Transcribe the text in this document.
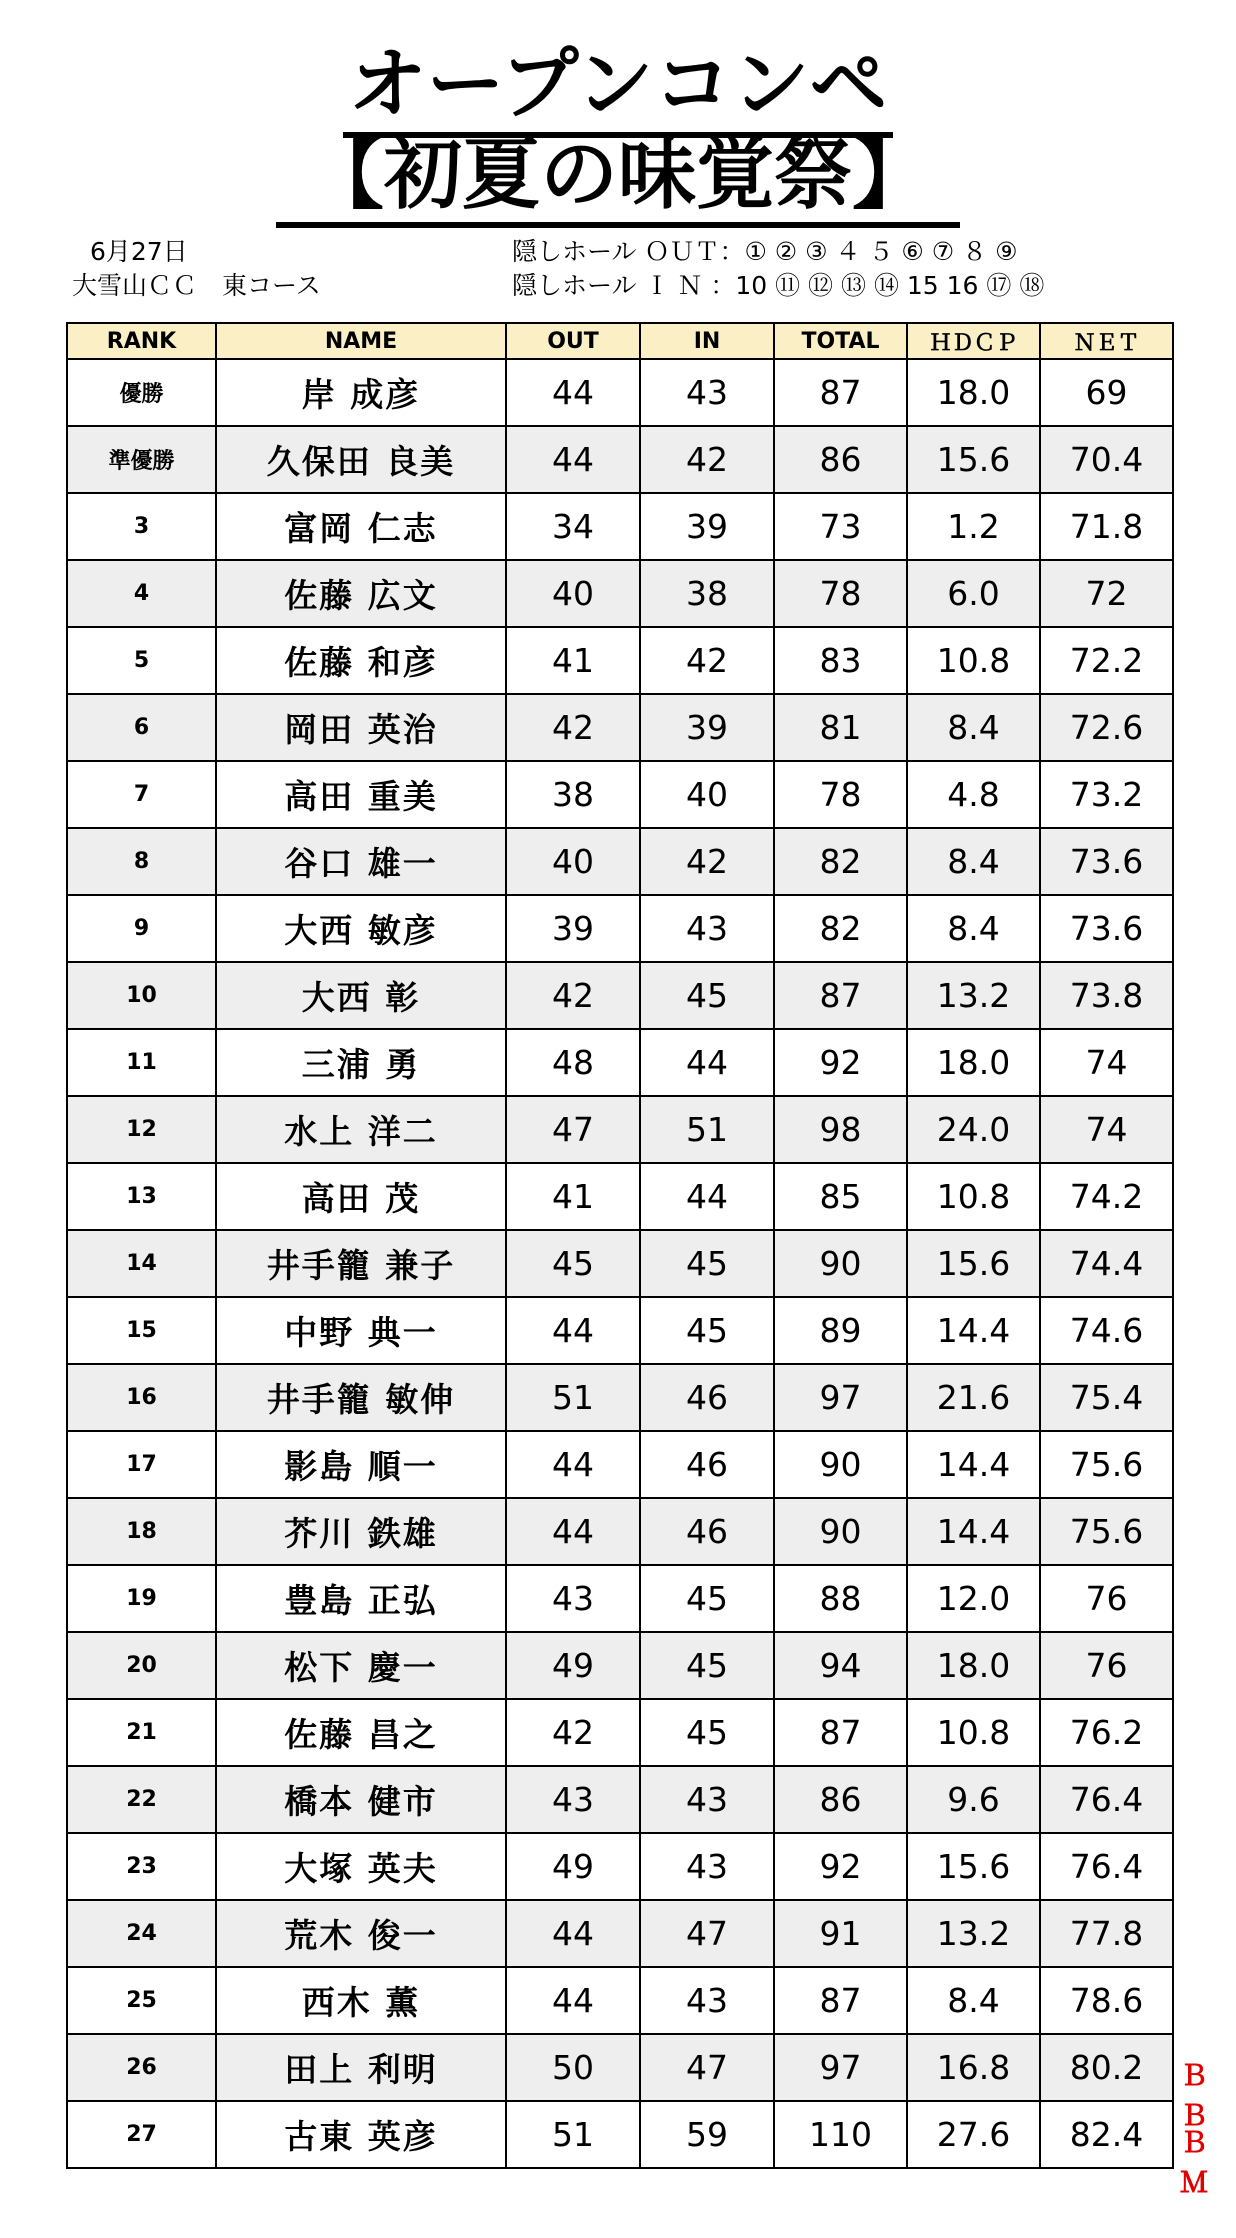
オープンコンペ
【初夏の味覚祭】
6月27日
大雪山ＣＣ　東コース
隠しホール ＯＵＴ：① ② ③ ４ ５ ⑥ ⑦ ８ ⑨
隠しホール Ｉ Ｎ ：10 ⑪ ⑫ ⑬ ⑭ 15 16 ⑰ ⑱
RANK	NAME	OUT	IN	TOTAL	ＨＤＣＰ	ＮＥＴ
優勝	岸 成彦	44	43	87	18.0	69
準優勝	久保田 良美	44	42	86	15.6	70.4
3	富岡 仁志	34	39	73	1.2	71.8
4	佐藤 広文	40	38	78	6.0	72
5	佐藤 和彦	41	42	83	10.8	72.2
6	岡田 英治	42	39	81	8.4	72.6
7	高田 重美	38	40	78	4.8	73.2
8	谷口 雄一	40	42	82	8.4	73.6
9	大西 敏彦	39	43	82	8.4	73.6
10	大西 彰	42	45	87	13.2	73.8
11	三浦 勇	48	44	92	18.0	74
12	水上 洋二	47	51	98	24.0	74
13	高田 茂	41	44	85	10.8	74.2
14	井手籠 兼子	45	45	90	15.6	74.4
15	中野 典一	44	45	89	14.4	74.6
16	井手籠 敏伸	51	46	97	21.6	75.4
17	影島 順一	44	46	90	14.4	75.6
18	芥川 鉄雄	44	46	90	14.4	75.6
19	豊島 正弘	43	45	88	12.0	76
20	松下 慶一	49	45	94	18.0	76
21	佐藤 昌之	42	45	87	10.8	76.2
22	橋本 健市	43	43	86	9.6	76.4
23	大塚 英夫	49	43	92	15.6	76.4
24	荒木 俊一	44	47	91	13.2	77.8
25	西木 薫	44	43	87	8.4	78.6
26	田上 利明	50	47	97	16.8	80.2
27	古東 英彦	51	59	110	27.6	82.4
ＢＢ
ＢＭ
